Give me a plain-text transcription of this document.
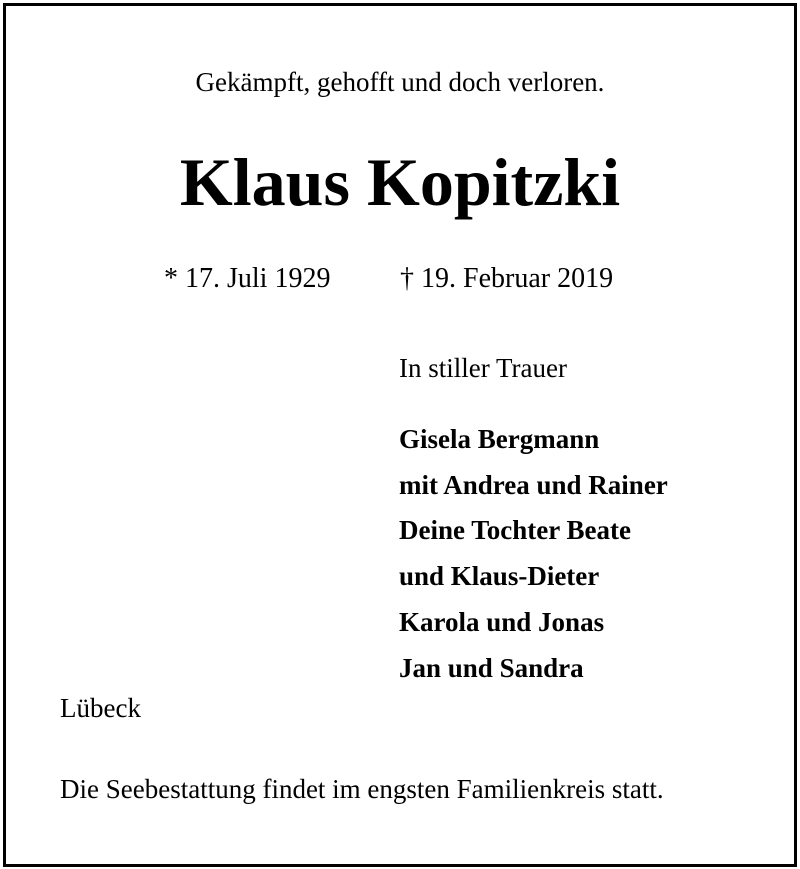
Gekämpft, gehofft und doch verloren.
Klaus Kopitzki
* 17. Juli 1929 † 19. Februar 2019
In stiller Trauer
Gisela Bergmann
mit Andrea und Rainer
Deine Tochter Beate
und Klaus-Dieter
Karola und Jonas
Jan und Sandra
Lübeck
Die Seebestattung findet im engsten Familienkreis statt.
